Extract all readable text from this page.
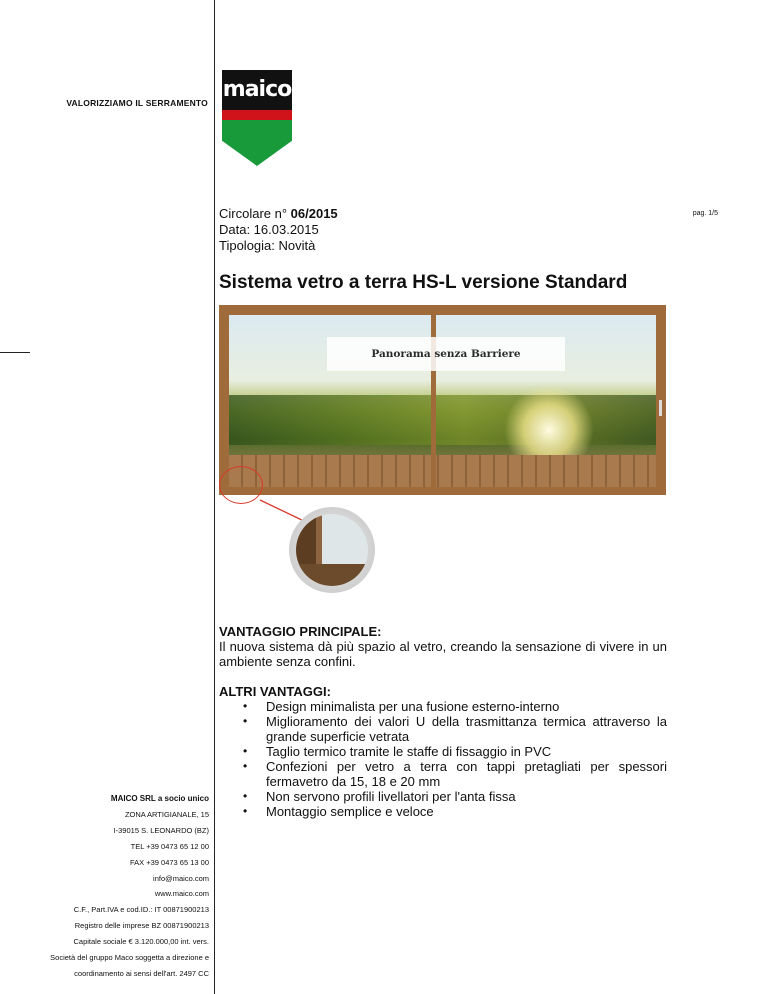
VALORIZZIAMO IL SERRAMENTO
maico
Circolare n° 06/2015
Data: 16.03.2015
Tipologia: Novità
pag. 1/5
Sistema vetro a terra HS-L versione Standard
Panorama senza Barriere
VANTAGGIO PRINCIPALE:
Il nuova sistema dà più spazio al vetro, creando la sensazione di vivere in un ambiente senza confini.
ALTRI VANTAGGI:
• Design minimalista per una fusione esterno-interno
• Miglioramento dei valori U della trasmittanza termica attraverso la grande superficie vetrata
• Taglio termico tramite le staffe di fissaggio in PVC
• Confezioni per vetro a terra con tappi pretagliati per spessori fermavetro da 15, 18 e 20 mm
• Non servono profili livellatori per l'anta fissa
• Montaggio semplice e veloce
MAICO SRL a socio unico
ZONA ARTIGIANALE, 15
I-39015 S. LEONARDO (BZ)
TEL +39 0473 65 12 00
FAX +39 0473 65 13 00
info@maico.com
www.maico.com
C.F., Part.IVA e cod.ID.: IT 00871900213
Registro delle imprese BZ 00871900213
Capitale sociale € 3.120.000,00 int. vers.
Società del gruppo Maco soggetta a direzione e
coordinamento ai sensi dell'art. 2497 CC
